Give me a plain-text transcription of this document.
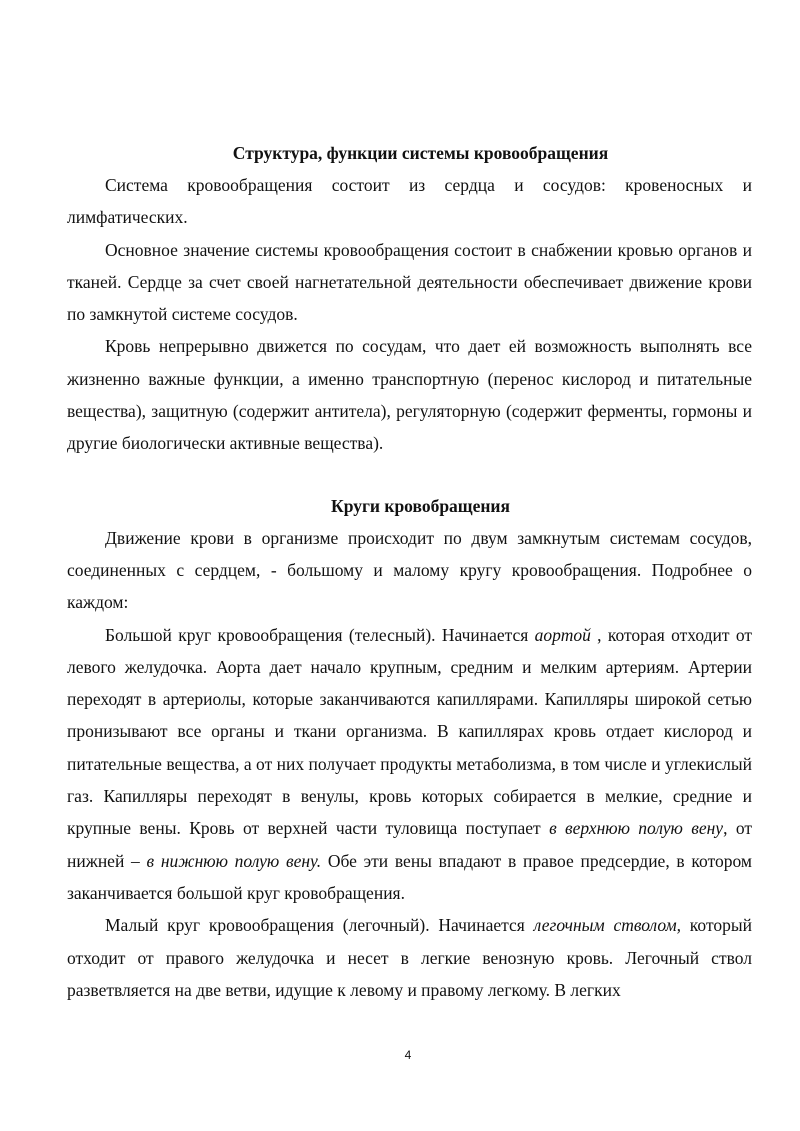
Структура, функции системы кровообращения

Система кровообращения состоит из сердца и сосудов: кровеносных и лимфатических.

Основное значение системы кровообращения состоит в снабжении кровью органов и тканей. Сердце за счет своей нагнетательной деятельности обеспечивает движение крови по замкнутой системе сосудов.

Кровь непрерывно движется по сосудам, что дает ей возможность выполнять все жизненно важные функции, а именно транспортную (перенос кислород и питательные вещества), защитную (содержит антитела), регуляторную (содержит ферменты, гормоны и другие биологически активные вещества).

Круги кровобращения

Движение крови в организме происходит по двум замкнутым системам сосудов, соединенных с сердцем, - большому и малому кругу кровообращения. Подробнее о каждом:

Большой круг кровообращения (телесный). Начинается аортой , которая отходит от левого желудочка. Аорта дает начало крупным, средним и мелким артериям. Артерии переходят в артериолы, которые заканчиваются капиллярами. Капилляры широкой сетью пронизывают все органы и ткани организма. В капиллярах кровь отдает кислород и питательные вещества, а от них получает продукты метаболизма, в том числе и углекислый газ. Капилляры переходят в венулы, кровь которых собирается в мелкие, средние и крупные вены. Кровь от верхней части туловища поступает в верхнюю полую вену, от нижней – в нижнюю полую вену. Обе эти вены впадают в правое предсердие, в котором заканчивается большой круг кровобращения.

Малый круг кровообращения (легочный). Начинается легочным стволом, который отходит от правого желудочка и несет в легкие венозную кровь. Легочный ствол разветвляется на две ветви, идущие к левому и правому легкому. В легких

4
